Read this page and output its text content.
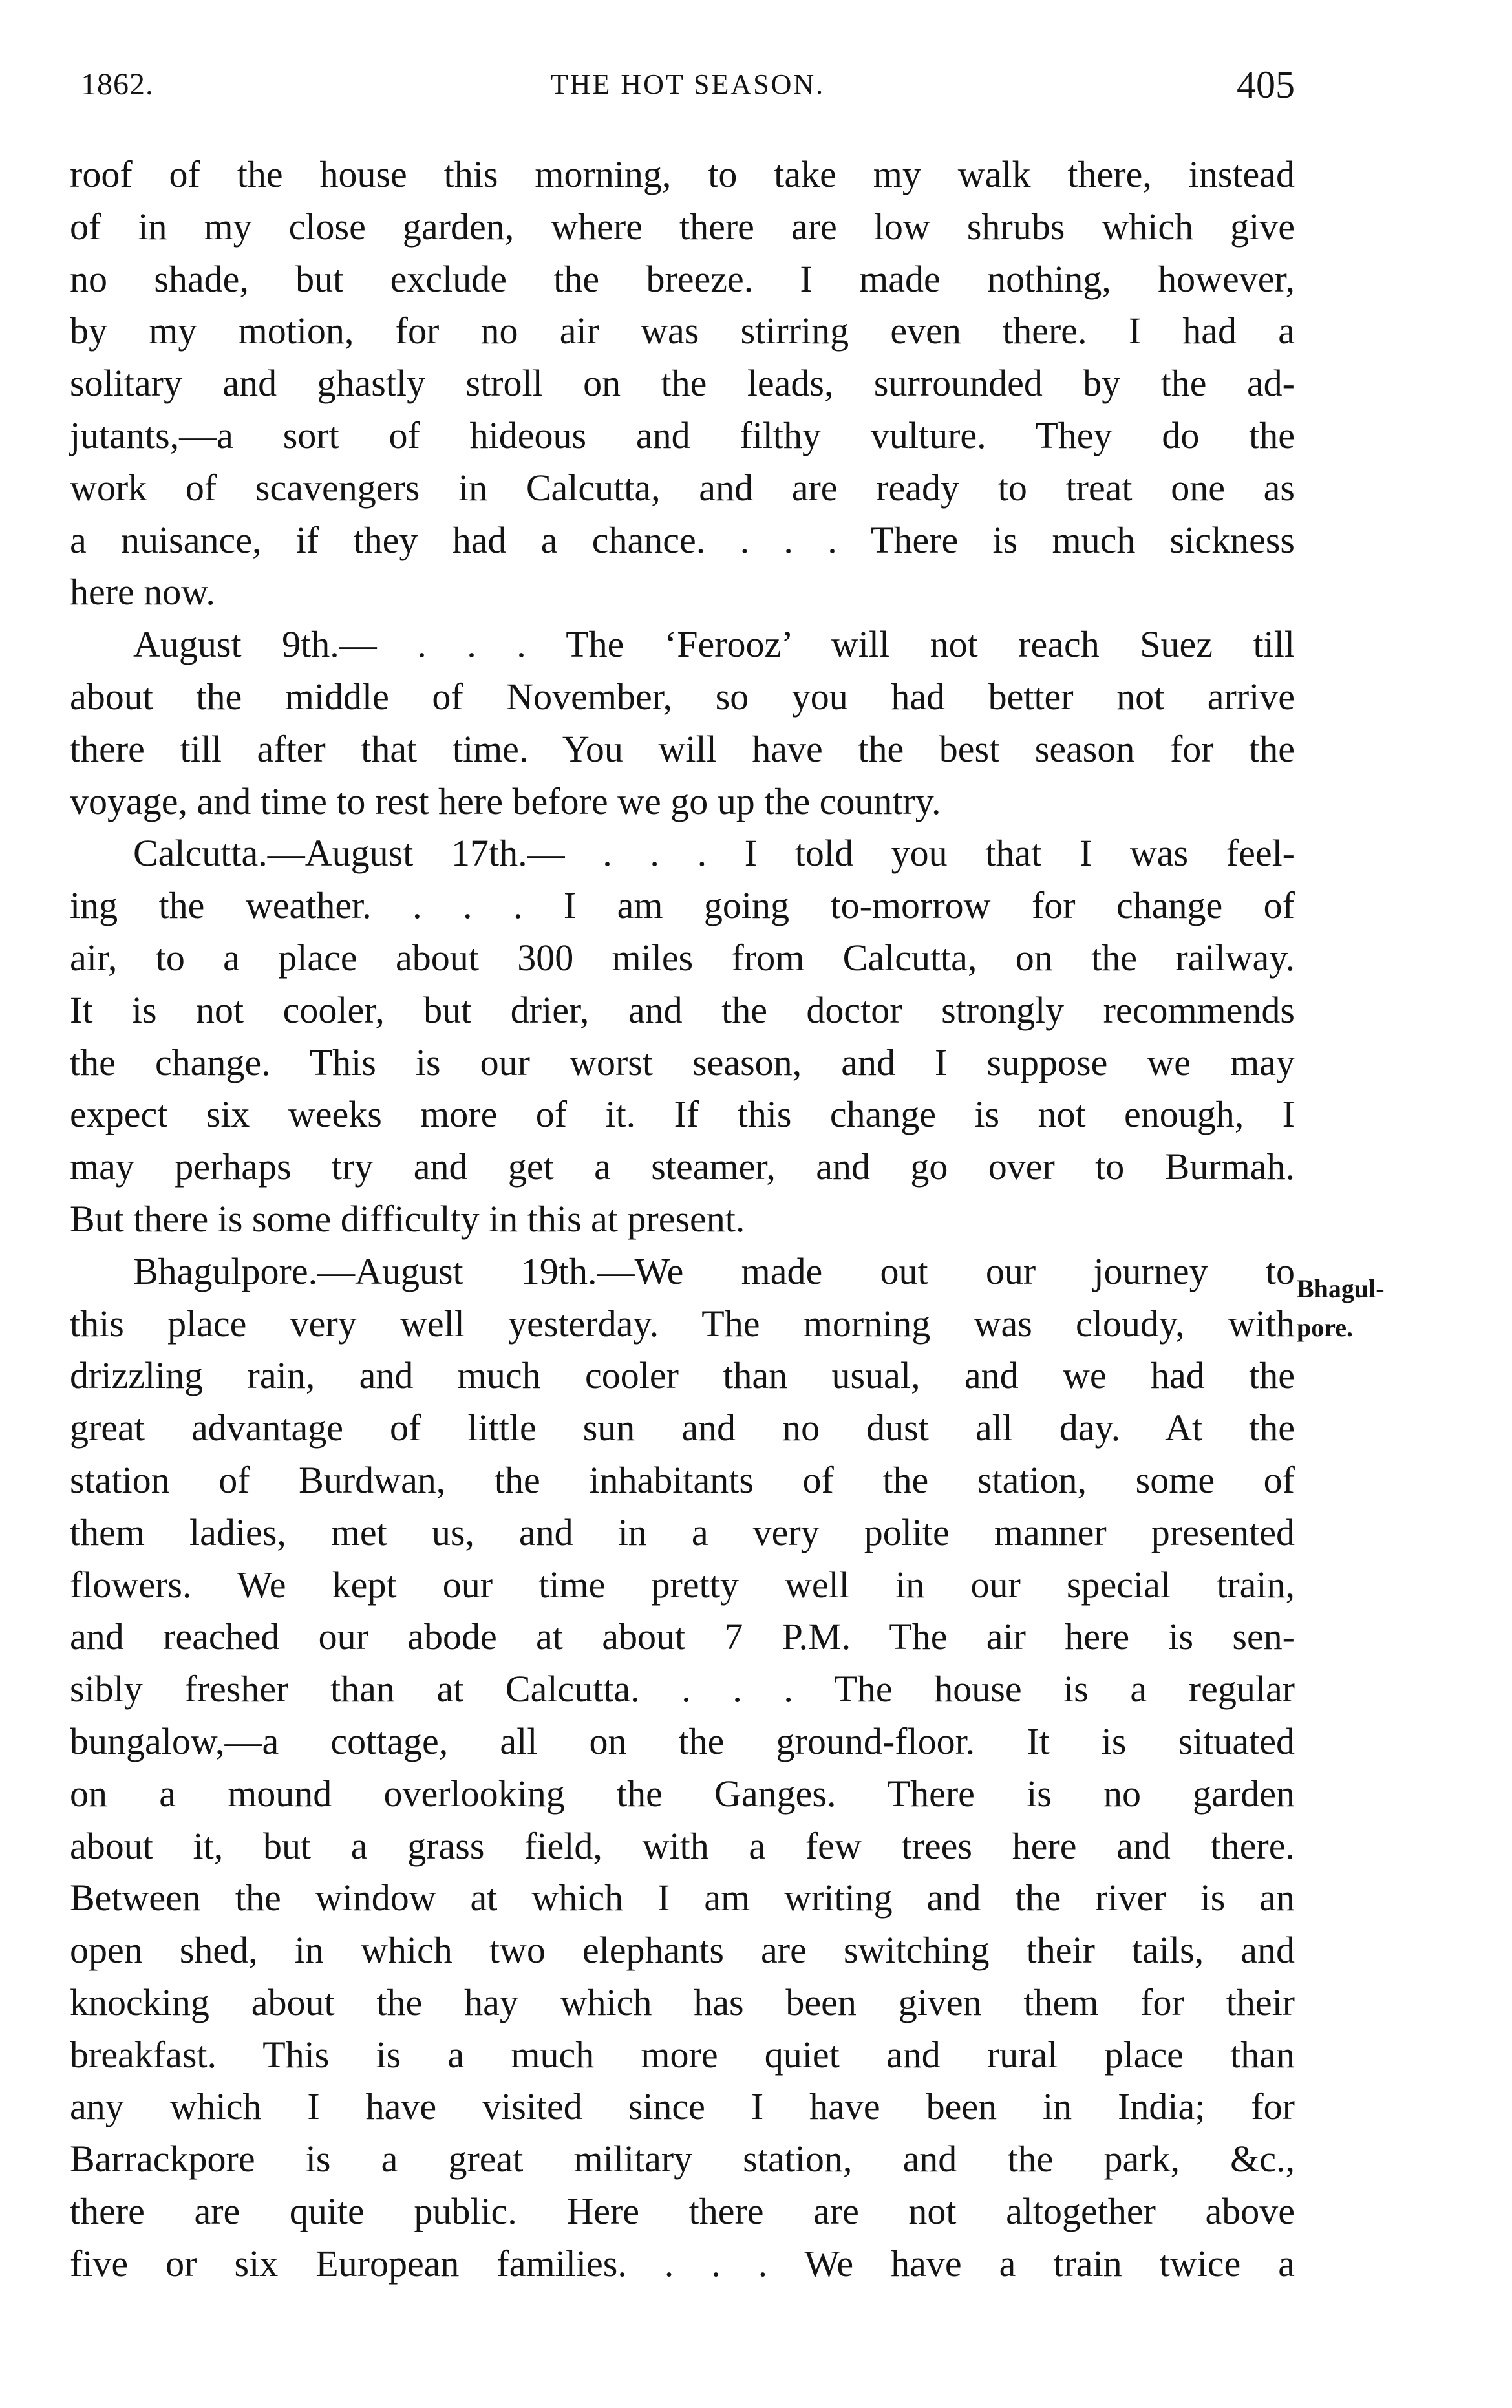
1862.	THE HOT SEASON.	405
roof of the house this morning, to take my walk there, instead
of in my close garden, where there are low shrubs which give
no shade, but exclude the breeze. I made nothing, however,
by my motion, for no air was stirring even there. I had a
solitary and ghastly stroll on the leads, surrounded by the ad-
jutants,—a sort of hideous and filthy vulture. They do the
work of scavengers in Calcutta, and are ready to treat one as
a nuisance, if they had a chance. . . . There is much sickness
here now.
August 9th.— . . . The ‘Ferooz’ will not reach Suez till
about the middle of November, so you had better not arrive
there till after that time. You will have the best season for the
voyage, and time to rest here before we go up the country.
Calcutta.—August 17th.— . . . I told you that I was feel-
ing the weather. . . . I am going to-morrow for change of
air, to a place about 300 miles from Calcutta, on the railway.
It is not cooler, but drier, and the doctor strongly recommends
the change. This is our worst season, and I suppose we may
expect six weeks more of it. If this change is not enough, I
may perhaps try and get a steamer, and go over to Burmah.
But there is some difficulty in this at present.
Bhagulpore.—August 19th.—We made out our journey to
this place very well yesterday. The morning was cloudy, with
drizzling rain, and much cooler than usual, and we had the
great advantage of little sun and no dust all day. At the
station of Burdwan, the inhabitants of the station, some of
them ladies, met us, and in a very polite manner presented
flowers. We kept our time pretty well in our special train,
and reached our abode at about 7 P.M. The air here is sen-
sibly fresher than at Calcutta. . . . The house is a regular
bungalow,—a cottage, all on the ground-floor. It is situated
on a mound overlooking the Ganges. There is no garden
about it, but a grass field, with a few trees here and there.
Between the window at which I am writing and the river is an
open shed, in which two elephants are switching their tails, and
knocking about the hay which has been given them for their
breakfast. This is a much more quiet and rural place than
any which I have visited since I have been in India; for
Barrackpore is a great military station, and the park, &c.,
there are quite public. Here there are not altogether above
five or six European families. . . . We have a train twice a
Bhagul-
pore.
